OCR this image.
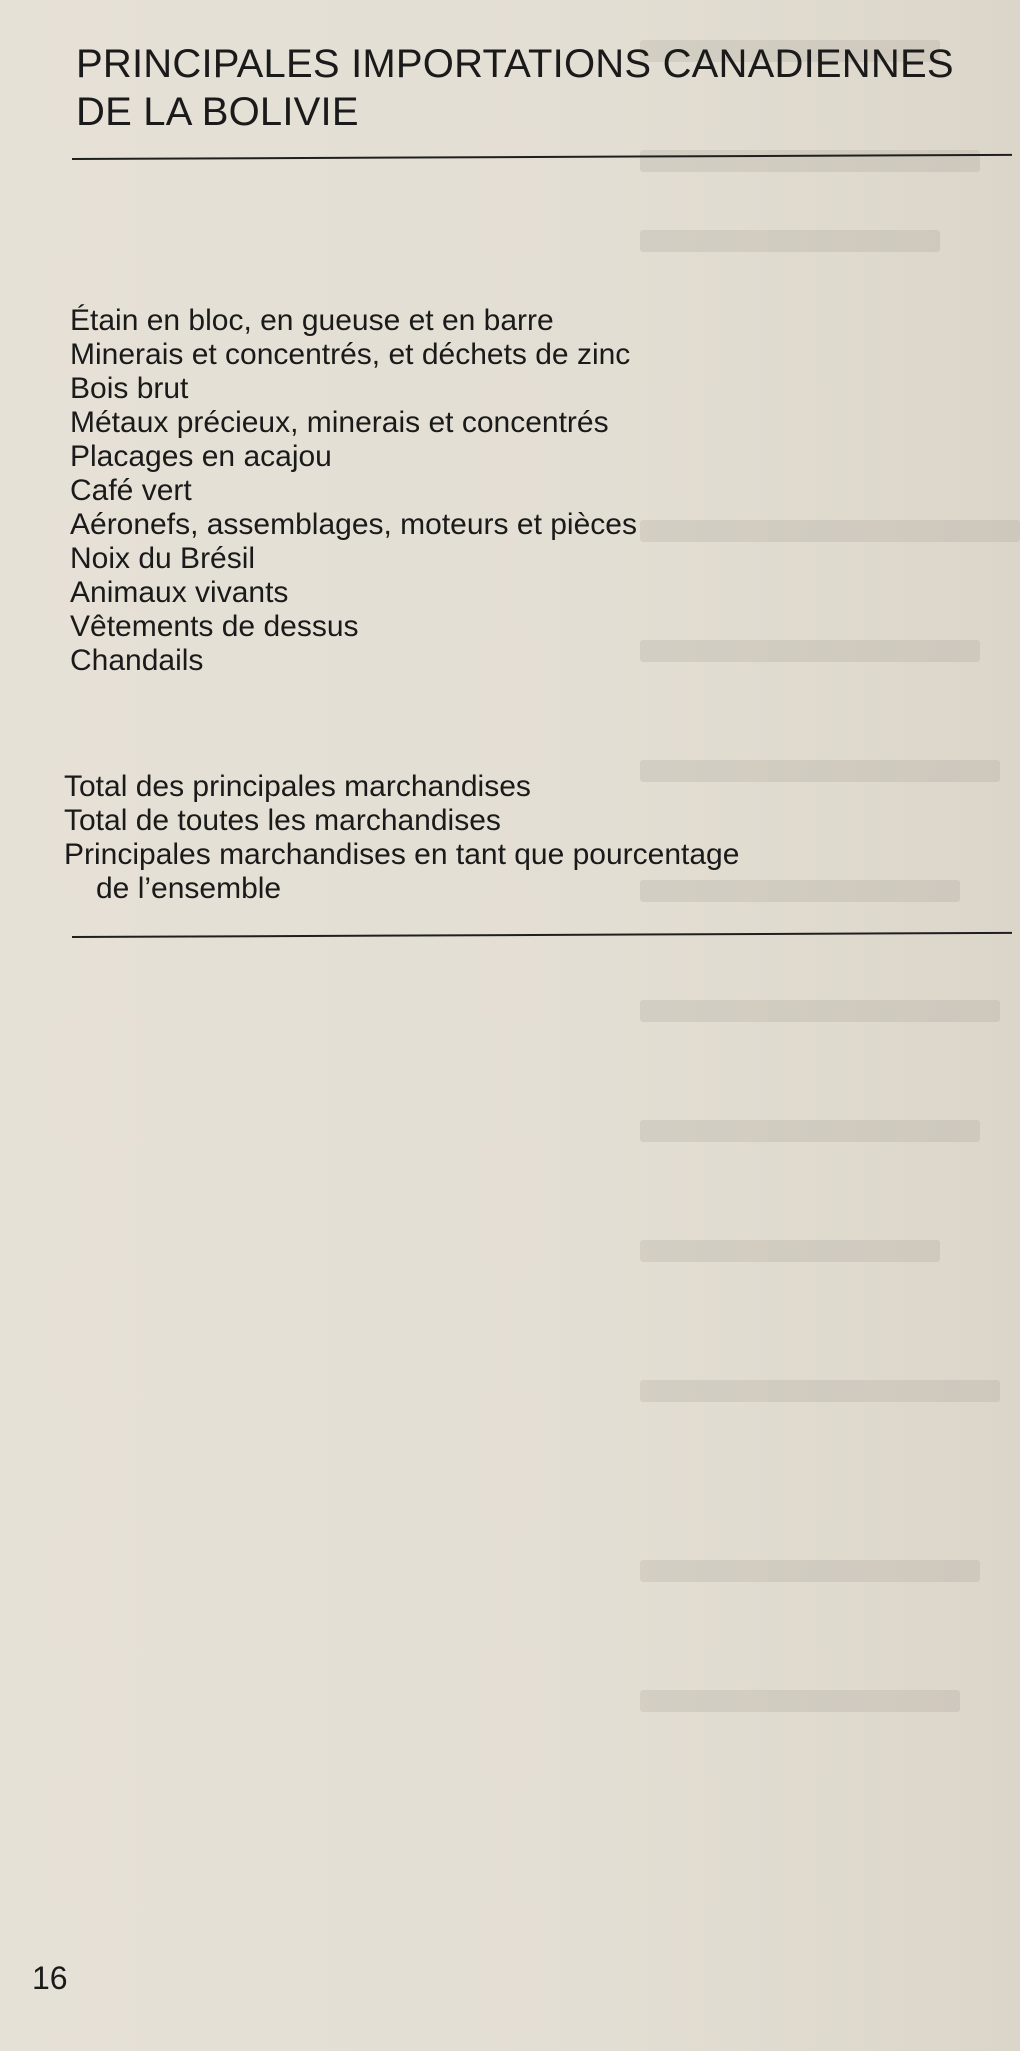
PRINCIPALES IMPORTATIONS CANADIENNES
DE LA BOLIVIE
Étain en bloc, en gueuse et en barre
Minerais et concentrés, et déchets de zinc
Bois brut
Métaux précieux, minerais et concentrés
Placages en acajou
Café vert
Aéronefs, assemblages, moteurs et pièces
Noix du Brésil
Animaux vivants
Vêtements de dessus
Chandails
Total des principales marchandises
Total de toutes les marchandises
Principales marchandises en tant que pourcentage
de l’ensemble
16
